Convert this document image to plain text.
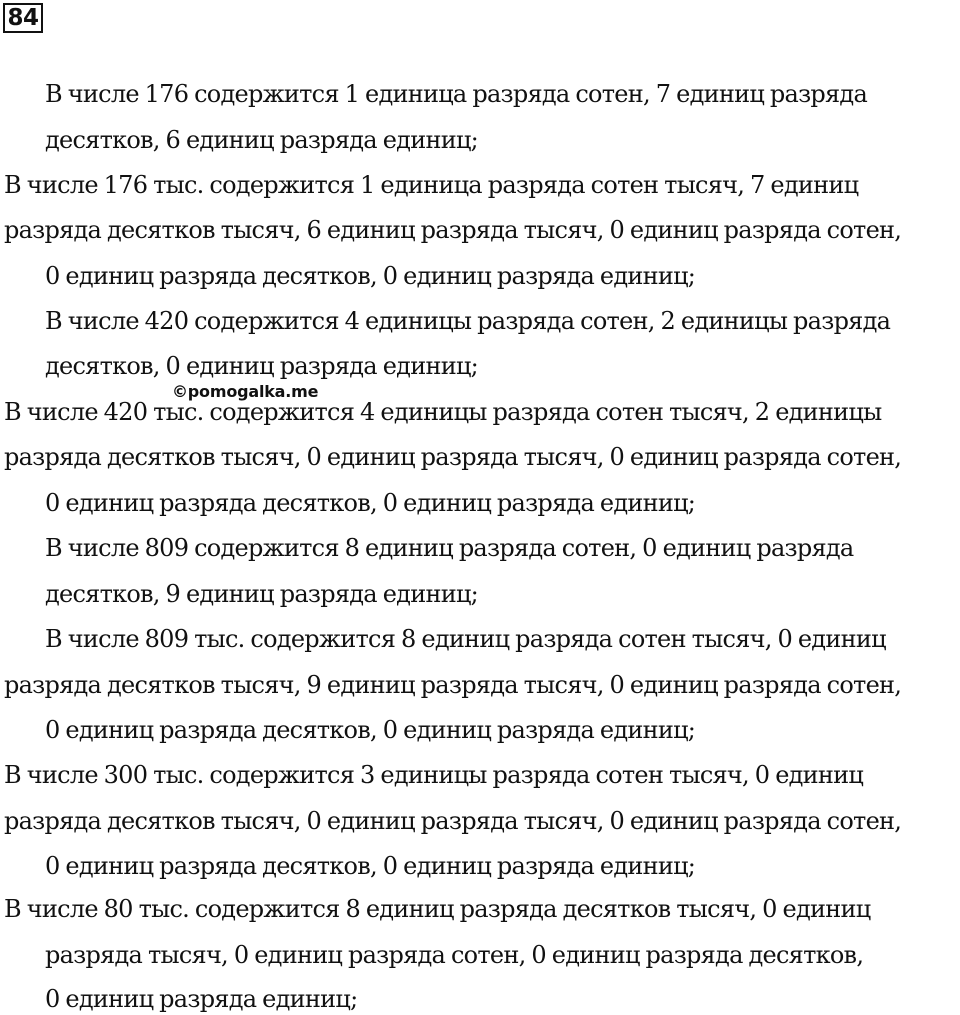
84
В числе 176 содержится 1 единица разряда сотен, 7 единиц разряда
десятков, 6 единиц разряда единиц;
В числе 176 тыс. содержится 1 единица разряда сотен тысяч, 7 единиц
разряда десятков тысяч, 6 единиц разряда тысяч, 0 единиц разряда сотен,
0 единиц разряда десятков, 0 единиц разряда единиц;
В числе 420 содержится 4 единицы разряда сотен, 2 единицы разряда
десятков, 0 единиц разряда единиц;
В числе 420 тыс. содержится 4 единицы разряда сотен тысяч, 2 единицы
разряда десятков тысяч, 0 единиц разряда тысяч, 0 единиц разряда сотен,
0 единиц разряда десятков, 0 единиц разряда единиц;
В числе 809 содержится 8 единиц разряда сотен, 0 единиц разряда
десятков, 9 единиц разряда единиц;
В числе 809 тыс. содержится 8 единиц разряда сотен тысяч, 0 единиц
разряда десятков тысяч, 9 единиц разряда тысяч, 0 единиц разряда сотен,
0 единиц разряда десятков, 0 единиц разряда единиц;
В числе 300 тыс. содержится 3 единицы разряда сотен тысяч, 0 единиц
разряда десятков тысяч, 0 единиц разряда тысяч, 0 единиц разряда сотен,
0 единиц разряда десятков, 0 единиц разряда единиц;
В числе 80 тыс. содержится 8 единиц разряда десятков тысяч, 0 единиц
разряда тысяч, 0 единиц разряда сотен, 0 единиц разряда десятков,
0 единиц разряда единиц;
©pomogalka.me
